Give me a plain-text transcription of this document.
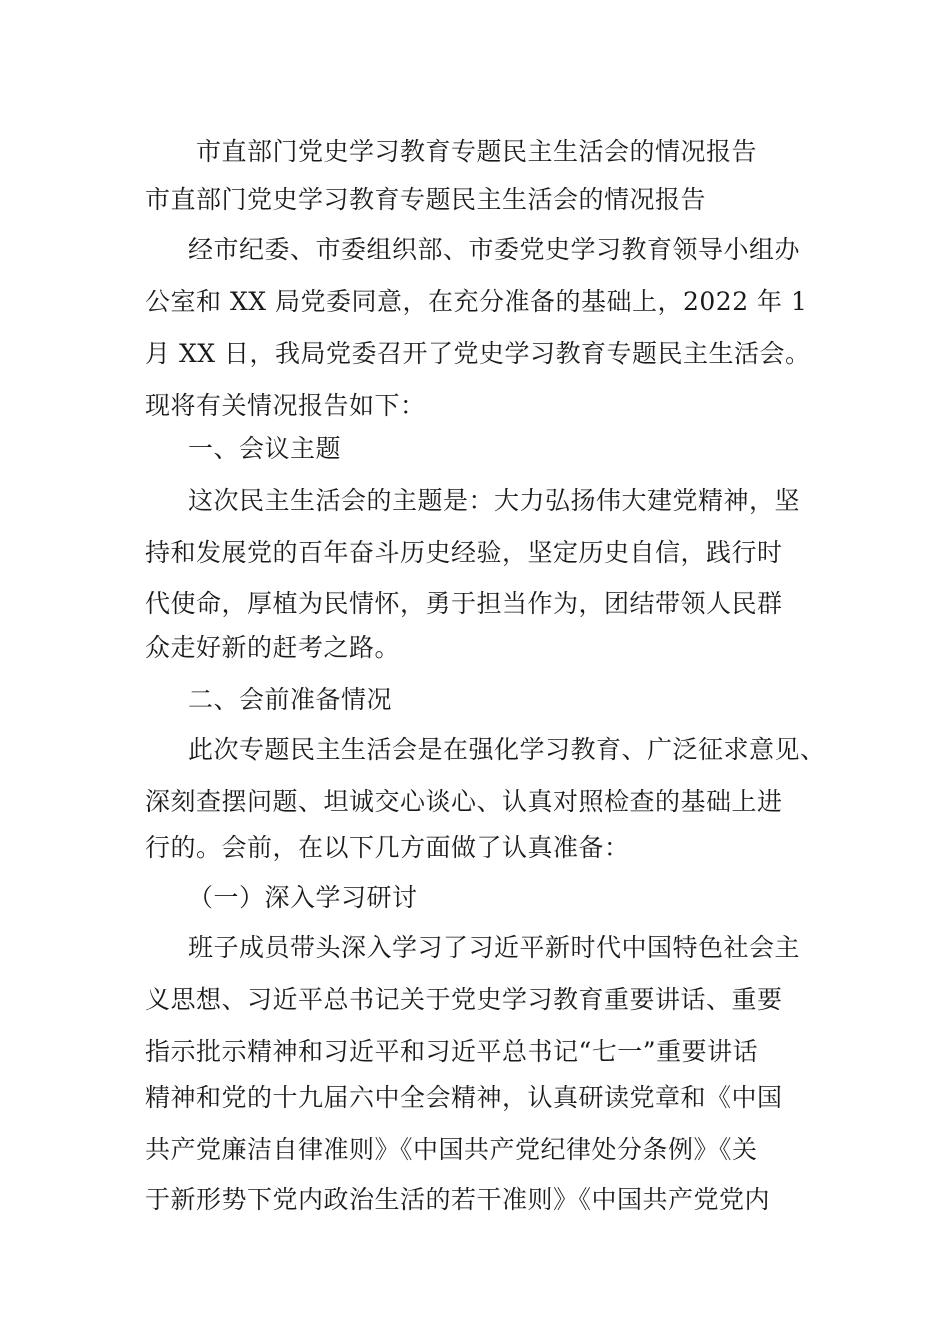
市直部门党史学习教育专题民主生活会的情况报告

市直部门党史学习教育专题民主生活会的情况报告

经市纪委、市委组织部、市委党史学习教育领导小组办

公室和 XX 局党委同意，在充分准备的基础上，2022 年 1

月 XX 日，我局党委召开了党史学习教育专题民主生活会。

现将有关情况报告如下：

一、会议主题

这次民主生活会的主题是：大力弘扬伟大建党精神，坚

持和发展党的百年奋斗历史经验，坚定历史自信，践行时

代使命，厚植为民情怀，勇于担当作为，团结带领人民群

众走好新的赶考之路。

二、会前准备情况

此次专题民主生活会是在强化学习教育、广泛征求意见、

深刻查摆问题、坦诚交心谈心、认真对照检查的基础上进

行的。会前，在以下几方面做了认真准备：

（一）深入学习研讨

班子成员带头深入学习了习近平新时代中国特色社会主

义思想、习近平总书记关于党史学习教育重要讲话、重要

指示批示精神和习近平和习近平总书记“七一”重要讲话

精神和党的十九届六中全会精神，认真研读党章和《中国

共产党廉洁自律准则》《中国共产党纪律处分条例》《关

于新形势下党内政治生活的若干准则》《中国共产党党内
